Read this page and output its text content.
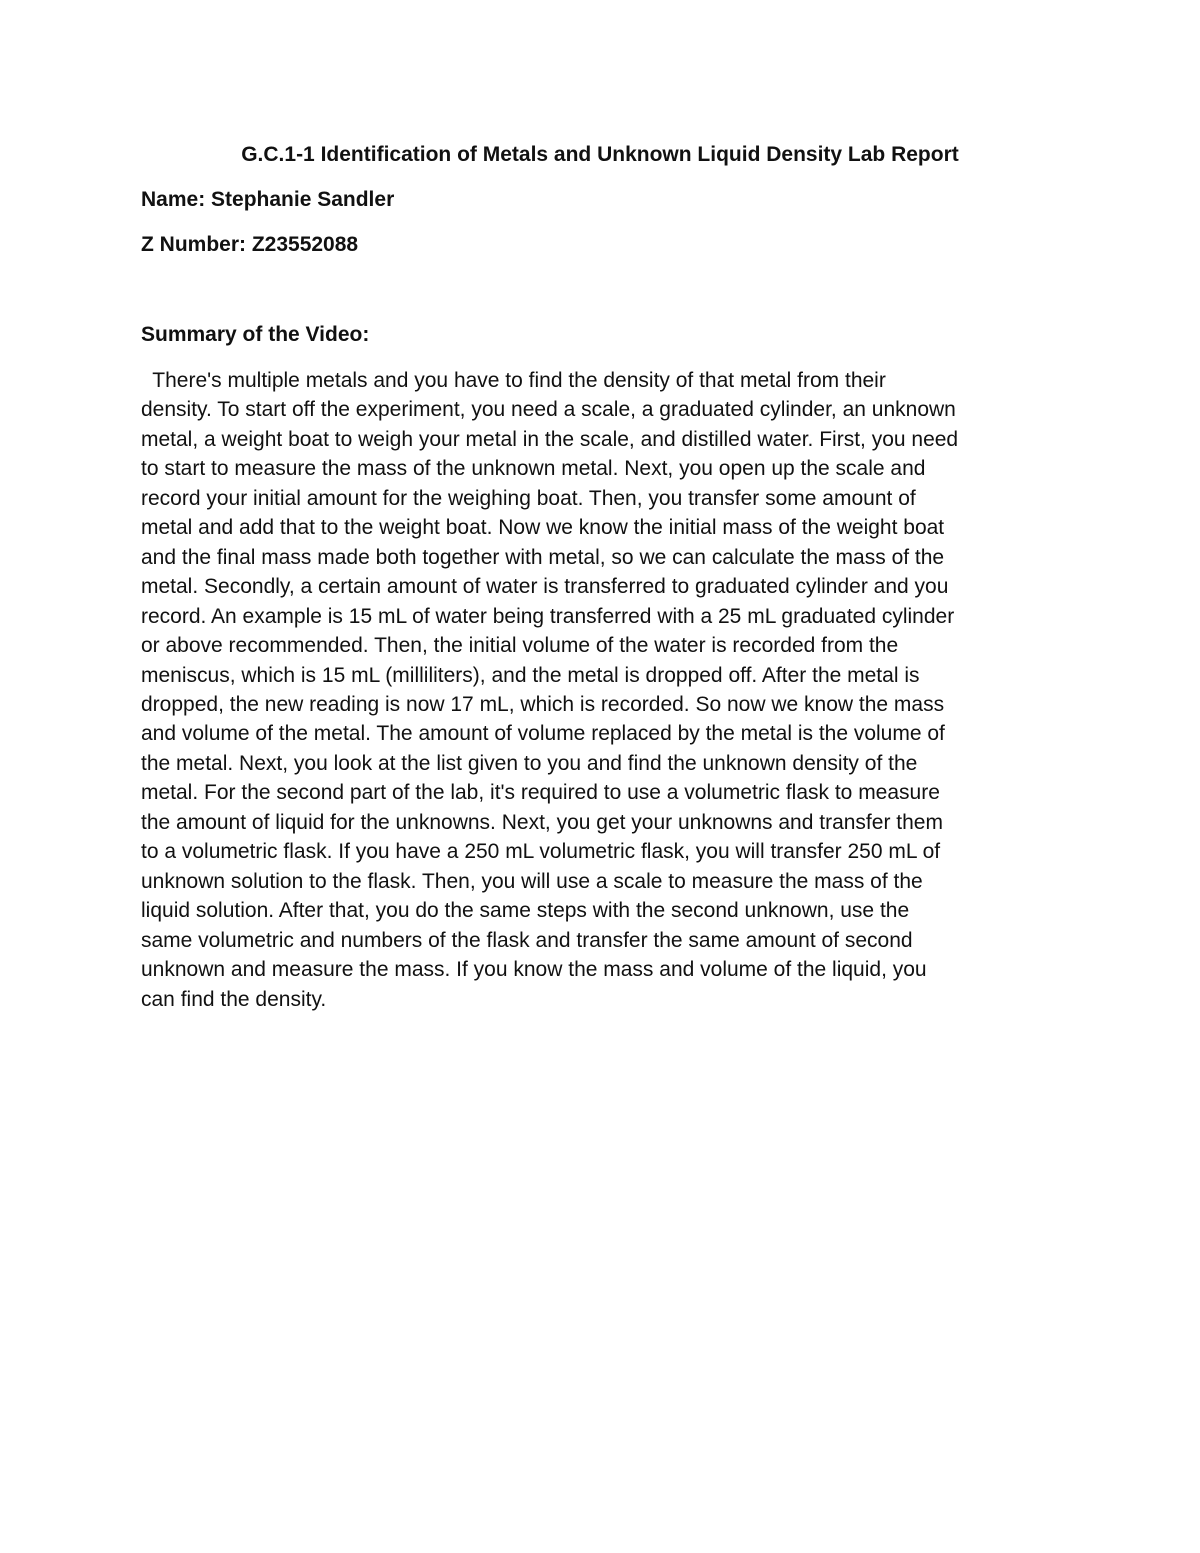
G.C.1-1 Identification of Metals and Unknown Liquid Density Lab Report

Name: Stephanie Sandler

Z Number: Z23552088

Summary of the Video:
There's multiple metals and you have to find the density of that metal from their
density. To start off the experiment, you need a scale, a graduated cylinder, an unknown
metal, a weight boat to weigh your metal in the scale, and distilled water. First, you need
to start to measure the mass of the unknown metal. Next, you open up the scale and
record your initial amount for the weighing boat. Then, you transfer some amount of
metal and add that to the weight boat. Now we know the initial mass of the weight boat
and the final mass made both together with metal, so we can calculate the mass of the
metal. Secondly, a certain amount of water is transferred to graduated cylinder and you
record. An example is 15 mL of water being transferred with a 25 mL graduated cylinder
or above recommended. Then, the initial volume of the water is recorded from the
meniscus, which is 15 mL (milliliters), and the metal is dropped off. After the metal is
dropped, the new reading is now 17 mL, which is recorded. So now we know the mass
and volume of the metal. The amount of volume replaced by the metal is the volume of
the metal. Next, you look at the list given to you and find the unknown density of the
metal. For the second part of the lab, it's required to use a volumetric flask to measure
the amount of liquid for the unknowns. Next, you get your unknowns and transfer them
to a volumetric flask. If you have a 250 mL volumetric flask, you will transfer 250 mL of
unknown solution to the flask. Then, you will use a scale to measure the mass of the
liquid solution. After that, you do the same steps with the second unknown, use the
same volumetric and numbers of the flask and transfer the same amount of second
unknown and measure the mass. If you know the mass and volume of the liquid, you
can find the density.
